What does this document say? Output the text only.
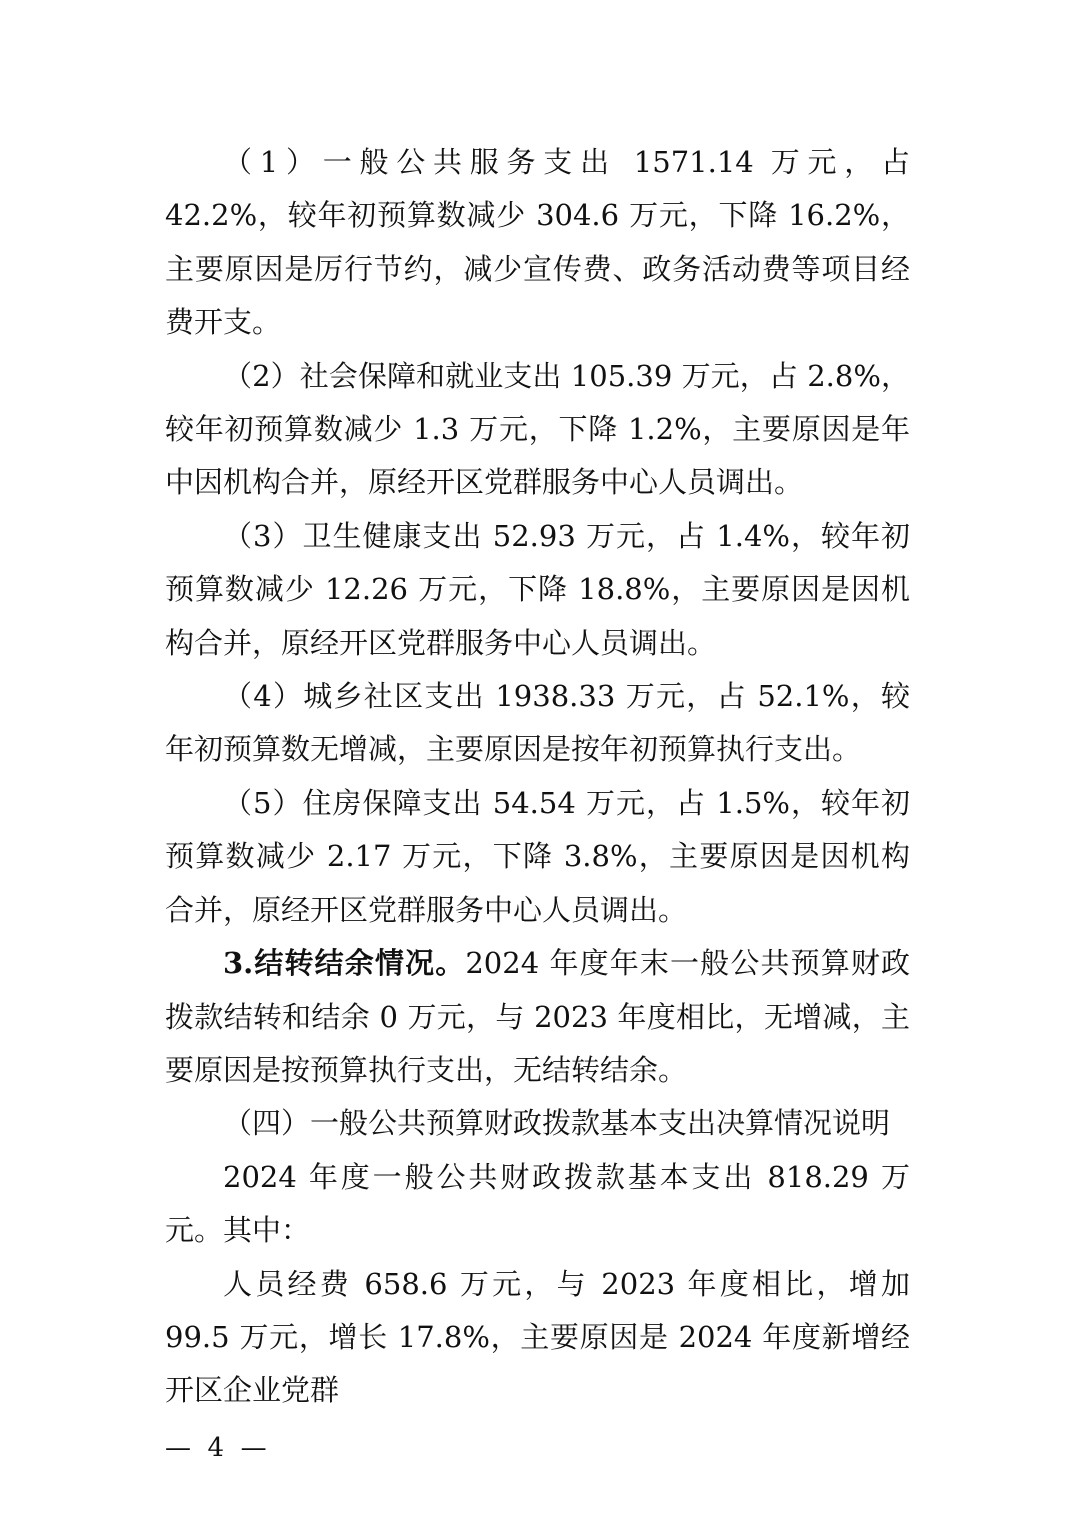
（1）一般公共服务支出 1571.14 万元，占 42.2%，较年初预算数减少 304.6 万元，下降 16.2%，主要原因是厉行节约，减少宣传费、政务活动费等项目经费开支。

（2）社会保障和就业支出 105.39 万元，占 2.8%，较年初预算数减少 1.3 万元，下降 1.2%，主要原因是年中因机构合并，原经开区党群服务中心人员调出。

（3）卫生健康支出 52.93 万元，占 1.4%，较年初预算数减少 12.26 万元，下降 18.8%，主要原因是因机构合并，原经开区党群服务中心人员调出。

（4）城乡社区支出 1938.33 万元，占 52.1%，较年初预算数无增减，主要原因是按年初预算执行支出。

（5）住房保障支出 54.54 万元，占 1.5%，较年初预算数减少 2.17 万元，下降 3.8%，主要原因是因机构合并，原经开区党群服务中心人员调出。

3.结转结余情况。2024 年度年末一般公共预算财政拨款结转和结余 0 万元，与 2023 年度相比，无增减，主要原因是按预算执行支出，无结转结余。

（四）一般公共预算财政拨款基本支出决算情况说明

2024 年度一般公共财政拨款基本支出 818.29 万元。其中：

人员经费 658.6 万元，与 2023 年度相比，增加 99.5 万元，增长 17.8%，主要原因是 2024 年度新增经开区企业党群

—  4  —
